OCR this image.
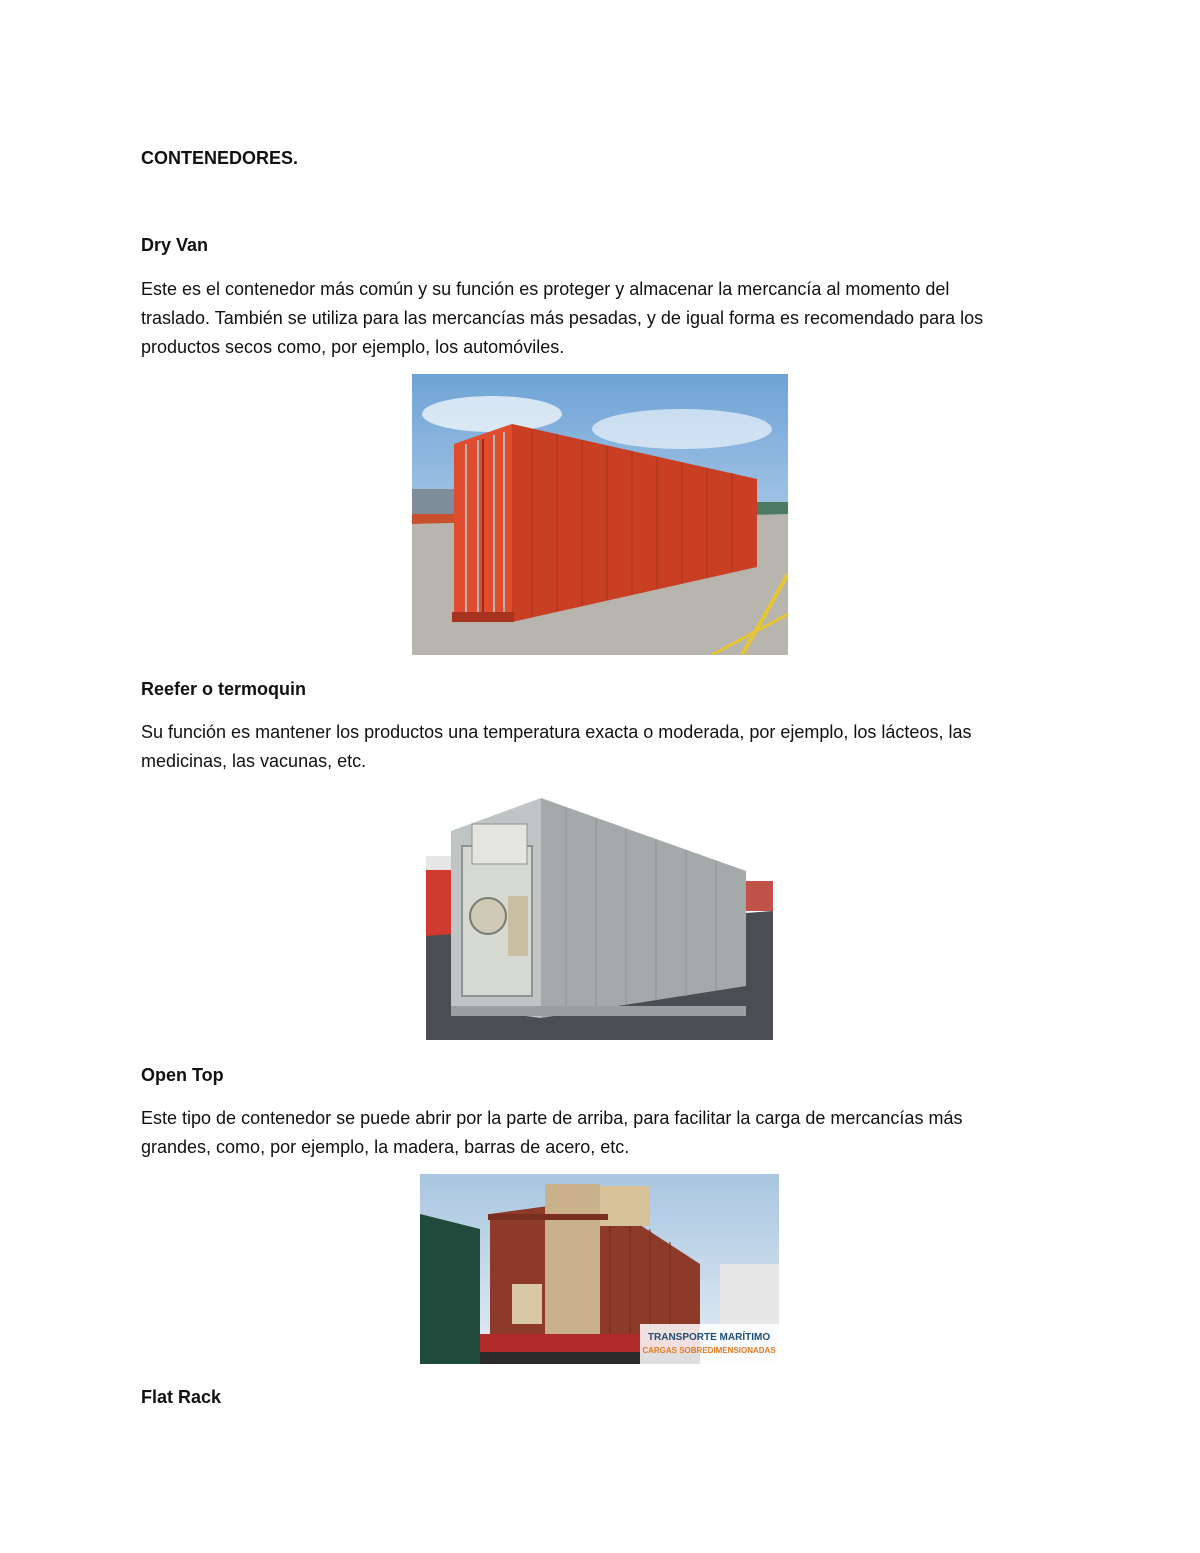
CONTENEDORES.
Dry Van
Este es el contenedor más común y su función es proteger y almacenar la mercancía al momento del
traslado. También se utiliza para las mercancías más pesadas, y de igual forma es recomendado para los
productos secos como, por ejemplo, los automóviles.
Reefer o termoquin
Su función es mantener los productos una temperatura exacta o moderada, por ejemplo, los lácteos, las
medicinas, las vacunas, etc.
Open Top
Este tipo de contenedor se puede abrir por la parte de arriba, para facilitar la carga de mercancías más
grandes, como, por ejemplo, la madera, barras de acero, etc.
TRANSPORTE MARÍTIMO
CARGAS SOBREDIMENSIONADAS
Flat Rack
